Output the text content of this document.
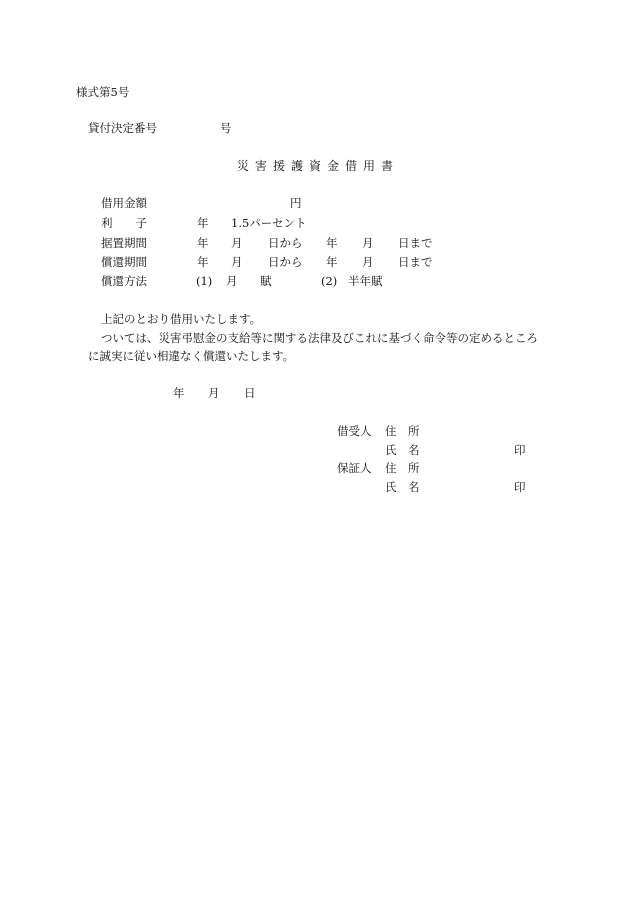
様式第5号
貸付決定番号	号
災害援護資金借用書
借用金額	円
利　　子	年 1.5パーセント
据置期間	年 月 日から 年 月 日まで
償還期間	年 月 日から 年 月 日まで
償還方法	(1) 月 賦	(2) 半年賦
上記のとおり借用いたします。
ついては、災害弔慰金の支給等に関する法律及びこれに基づく命令等の定めるところ
に誠実に従い相違なく償還いたします。
年 月 日
借受人 住　所
氏　名	印
保証人 住　所
氏　名	印
